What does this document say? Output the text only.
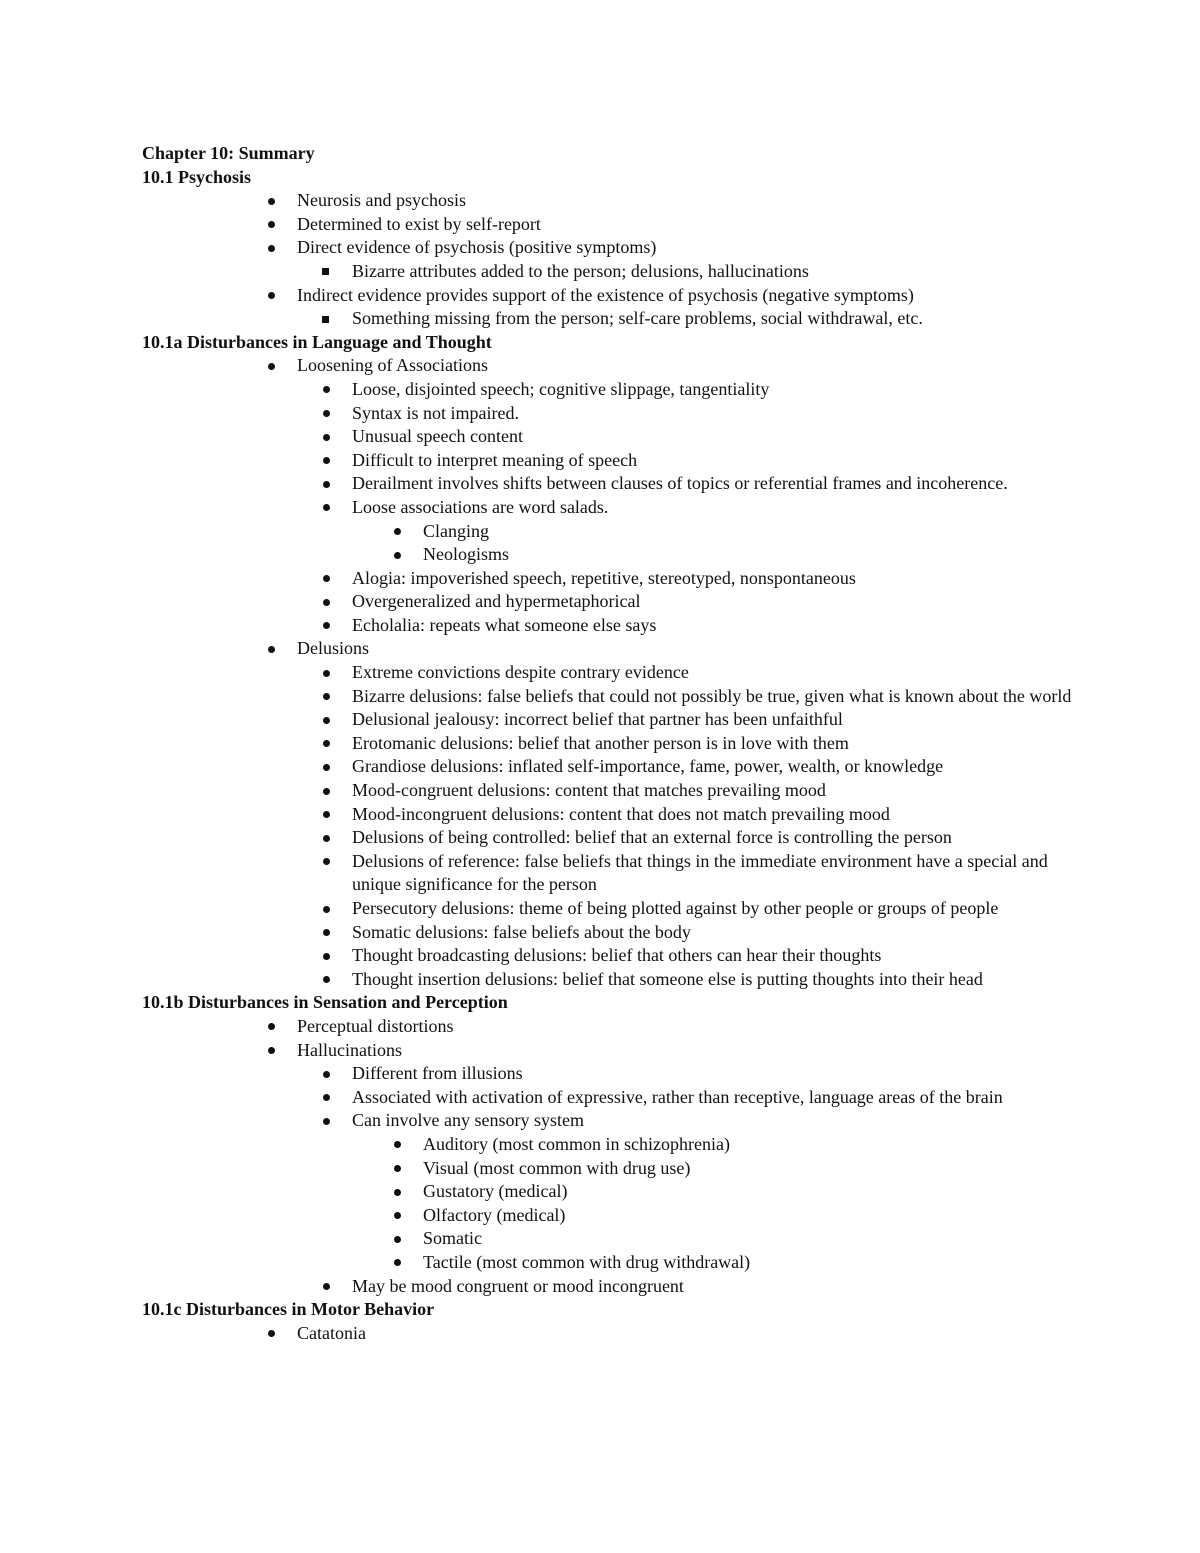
Chapter 10: Summary
10.1 Psychosis
Neurosis and psychosis
Determined to exist by self-report
Direct evidence of psychosis (positive symptoms)
Bizarre attributes added to the person; delusions, hallucinations
Indirect evidence provides support of the existence of psychosis (negative symptoms)
Something missing from the person; self-care problems, social withdrawal, etc.
10.1a Disturbances in Language and Thought
Loosening of Associations
Loose, disjointed speech; cognitive slippage, tangentiality
Syntax is not impaired.
Unusual speech content
Difficult to interpret meaning of speech
Derailment involves shifts between clauses of topics or referential frames and incoherence.
Loose associations are word salads.
Clanging
Neologisms
Alogia: impoverished speech, repetitive, stereotyped, nonspontaneous
Overgeneralized and hypermetaphorical
Echolalia: repeats what someone else says
Delusions
Extreme convictions despite contrary evidence
Bizarre delusions: false beliefs that could not possibly be true, given what is known about the world
Delusional jealousy: incorrect belief that partner has been unfaithful
Erotomanic delusions: belief that another person is in love with them
Grandiose delusions: inflated self-importance, fame, power, wealth, or knowledge
Mood-congruent delusions: content that matches prevailing mood
Mood-incongruent delusions: content that does not match prevailing mood
Delusions of being controlled: belief that an external force is controlling the person
Delusions of reference: false beliefs that things in the immediate environment have a special and unique significance for the person
Persecutory delusions: theme of being plotted against by other people or groups of people
Somatic delusions: false beliefs about the body
Thought broadcasting delusions: belief that others can hear their thoughts
Thought insertion delusions: belief that someone else is putting thoughts into their head
10.1b Disturbances in Sensation and Perception
Perceptual distortions
Hallucinations
Different from illusions
Associated with activation of expressive, rather than receptive, language areas of the brain
Can involve any sensory system
Auditory (most common in schizophrenia)
Visual (most common with drug use)
Gustatory (medical)
Olfactory (medical)
Somatic
Tactile (most common with drug withdrawal)
May be mood congruent or mood incongruent
10.1c Disturbances in Motor Behavior
Catatonia
